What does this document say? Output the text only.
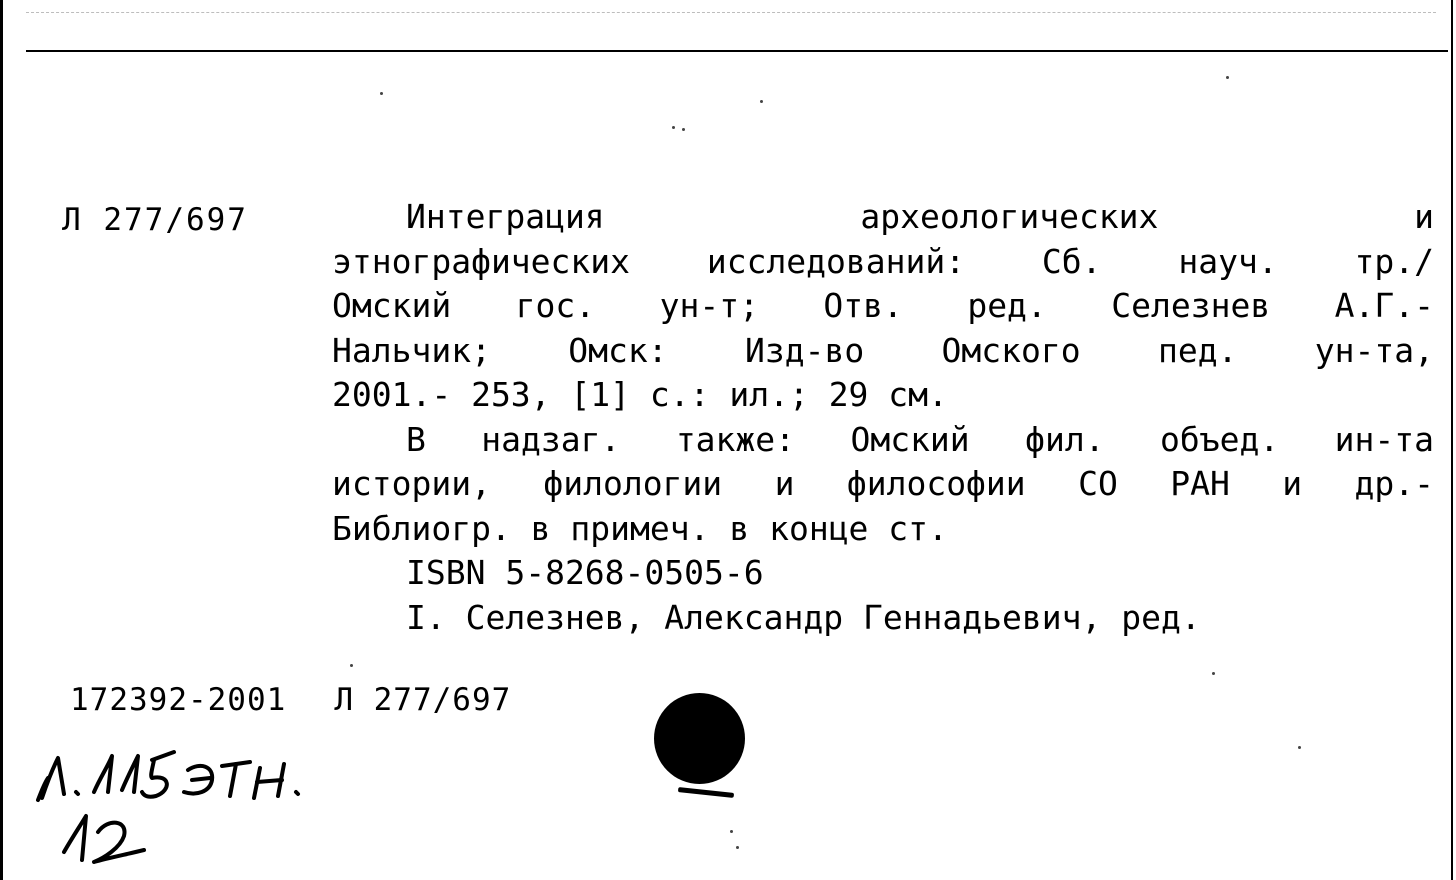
Л 277/697	Интеграция археологических и
этнографических исследований: Сб. науч. тр./
Омский гос. ун-т; Отв. ред. Селезнев А.Г.-
Нальчик; Омск: Изд-во Омского пед. ун-та,
2001.- 253, [1] с.: ил.; 29 см.
В надзаг. также: Омский фил. объед. ин-та
истории, филологии и философии СО РАН и др.-
Библиогр. в примеч. в конце ст.
ISBN 5-8268-0505-6
I. Селезнев, Александр Геннадьевич, ред.
172392-2001 Л 277/697
